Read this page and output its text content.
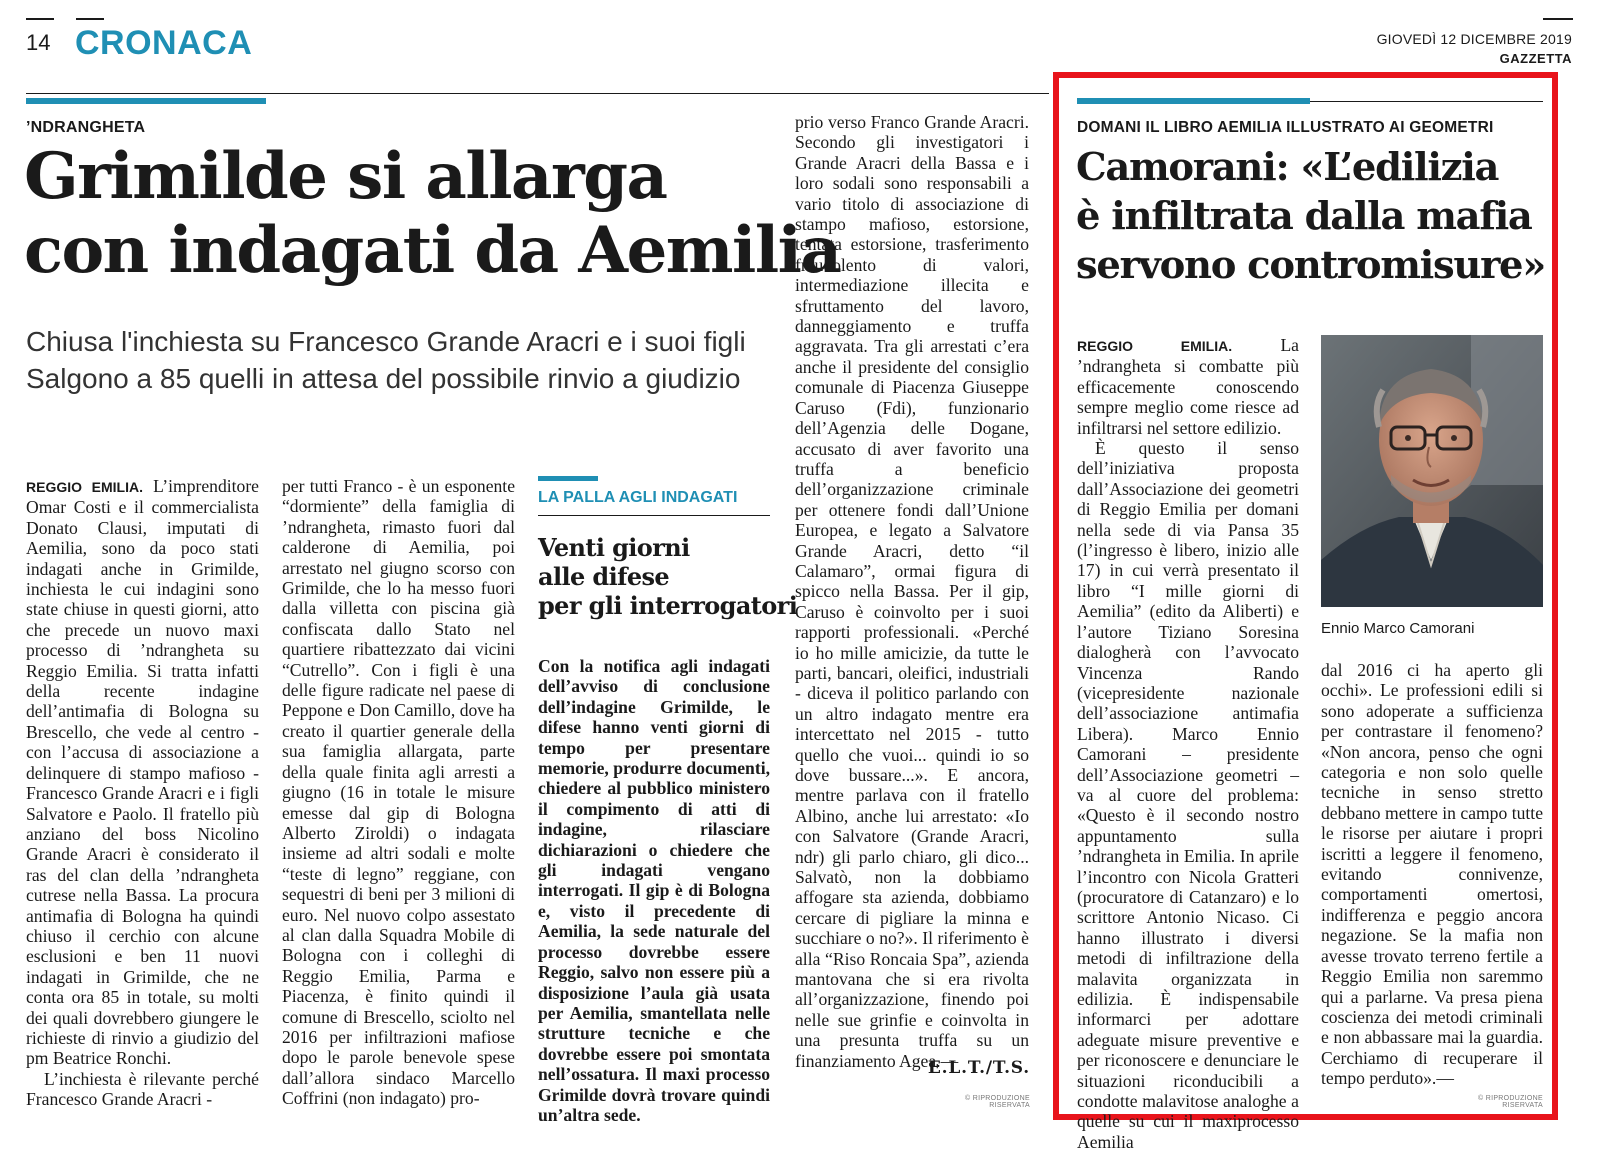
14 CRONACA	GIOVEDÌ 12 DICEMBRE 2019
GAZZETTA
’NDRANGHETA
Grimilde si allarga
con indagati da Aemilia
Chiusa l'inchiesta su Francesco Grande Aracri e i suoi figli
Salgono a 85 quelli in attesa del possibile rinvio a giudizio

REGGIO EMILIA. L’imprenditore Omar Costi e il commercialista Donato Clausi, imputati di Aemilia, sono da poco stati indagati anche in Grimilde, inchiesta le cui indagini sono state chiuse in questi giorni, atto che precede un nuovo maxi processo di ’ndrangheta su Reggio Emilia. Si tratta infatti della recente indagine dell’antimafia di Bologna su Brescello, che vede al centro - con l’accusa di associazione a delinquere di stampo mafioso - Francesco Grande Aracri e i figli Salvatore e Paolo. Il fratello più anziano del boss Nicolino Grande Aracri è considerato il ras del clan della ’ndrangheta cutrese nella Bassa. La procura antimafia di Bologna ha quindi chiuso il cerchio con alcune esclusioni e ben 11 nuovi indagati in Grimilde, che ne conta ora 85 in totale, su molti dei quali dovrebbero giungere le richieste di rinvio a giudizio del pm Beatrice Ronchi.

L’inchiesta è rilevante perché Francesco Grande Aracri -

per tutti Franco - è un esponente “dormiente” della famiglia di ’ndrangheta, rimasto fuori dal calderone di Aemilia, poi arrestato nel giugno scorso con Grimilde, che lo ha messo fuori dalla villetta con piscina già confiscata dallo Stato nel quartiere ribattezzato dai vicini “Cutrello”. Con i figli è una delle figure radicate nel paese di Peppone e Don Camillo, dove ha creato il quartier generale della sua famiglia allargata, parte della quale finita agli arresti a giugno (16 in totale le misure emesse dal gip di Bologna Alberto Ziroldi) o indagata insieme ad altri sodali e molte “teste di legno” reggiane, con sequestri di beni per 3 milioni di euro. Nel nuovo colpo assestato al clan dalla Squadra Mobile di Bologna con i colleghi di Reggio Emilia, Parma e Piacenza, è finito quindi il comune di Brescello, sciolto nel 2016 per infiltrazioni mafiose dopo le parole benevole spese dall’allora sindaco Marcello Coffrini (non indagato) pro-
LA PALLA AGLI INDAGATI
Venti giorni
alle difese
per gli interrogatori
Con la notifica agli indagati dell’avviso di conclusione dell’indagine Grimilde, le difese hanno venti giorni di tempo per presentare memorie, produrre documenti, chiedere al pubblico ministero il compimento di atti di indagine, rilasciare dichiarazioni o chiedere che gli indagati vengano interrogati. Il gip è di Bologna e, visto il precedente di Aemilia, la sede naturale del processo dovrebbe essere Reggio, salvo non essere più a disposizione l’aula già usata per Aemilia, smantellata nelle strutture tecniche e che dovrebbe essere poi smontata nell’ossatura. Il maxi processo Grimilde dovrà trovare quindi un’altra sede.
prio verso Franco Grande Aracri. Secondo gli investigatori i Grande Aracri della Bassa e i loro sodali sono responsabili a vario titolo di associazione di stampo mafioso, estorsione, tentata estorsione, trasferimento fraudolento di valori, intermediazione illecita e sfruttamento del lavoro, danneggiamento e truffa aggravata. Tra gli arrestati c’era anche il presidente del consiglio comunale di Piacenza Giuseppe Caruso (Fdi), funzionario dell’Agenzia delle Dogane, accusato di aver favorito una truffa a beneficio dell’organizzazione criminale per ottenere fondi dall’Unione Europea, e legato a Salvatore Grande Aracri, detto “il Calamaro”, ormai figura di spicco nella Bassa. Per il gip, Caruso è coinvolto per i suoi rapporti professionali. «Perché io ho mille amicizie, da tutte le parti, bancari, oleifici, industriali - diceva il politico parlando con un altro indagato mentre era intercettato nel 2015 - tutto quello che vuoi... quindi io so dove bussare...». E ancora, mentre parlava con il fratello Albino, anche lui arrestato: «Io con Salvatore (Grande Aracri, ndr) gli parlo chiaro, gli dico... Salvatò, non la dobbiamo affogare sta azienda, dobbiamo cercare di pigliare la minna e succhiare o no?». Il riferimento è alla “Riso Roncaia Spa”, azienda mantovana che si era rivolta all’organizzazione, finendo poi nelle sue grinfie e coinvolta in una presunta truffa su un finanziamento Agea.—
E.L.T./T.S.
© RIPRODUZIONE RISERVATA
DOMANI IL LIBRO AEMILIA ILLUSTRATO AI GEOMETRI
Camorani: «L’edilizia
è infiltrata dalla mafia
servono contromisure»

REGGIO EMILIA.	La ’ndrangheta si combatte più efficacemente conoscendo sempre meglio come riesce ad infiltrarsi nel settore edilizio.

È questo il senso dell’iniziativa proposta dall’Associazione dei geometri di Reggio Emilia per domani nella sede di via Pansa 35 (l’ingresso è libero, inizio alle 17) in cui verrà presentato il libro “I mille giorni di Aemilia” (edito da Aliberti) e l’autore Tiziano Soresina dialogherà con l’avvocato Vincenza Rando (vicepresidente nazionale dell’associazione antimafia Libera). Marco Ennio Camorani – presidente dell’Associazione geometri – va al cuore del problema: «Questo è il secondo nostro appuntamento sulla ’ndrangheta in Emilia. In aprile l’incontro con Nicola Gratteri (procuratore di Catanzaro) e lo scrittore Antonio Nicaso. Ci hanno illustrato i diversi metodi di infiltrazione della malavita organizzata in edilizia. È indispensabile informarci per adottare adeguate misure preventive e per riconoscere e denunciare le situazioni riconducibili a condotte malavitose analoghe a quelle su cui il maxiprocesso Aemilia

Ennio Marco Camorani
dal 2016 ci ha aperto gli occhi». Le professioni edili si sono adoperate a sufficienza per contrastare il fenomeno? «Non ancora, penso che ogni categoria e non solo quelle tecniche in senso stretto debbano mettere in campo tutte le risorse per aiutare i propri iscritti a leggere il fenomeno, evitando connivenze, comportamenti omertosi, indifferenza e peggio ancora negazione. Se la mafia non avesse trovato terreno fertile a Reggio Emilia non saremmo qui a parlarne. Va presa piena coscienza dei metodi criminali e non abbassare mai la guardia. Cerchiamo di recuperare il tempo perduto».—
© RIPRODUZIONE RISERVATA
